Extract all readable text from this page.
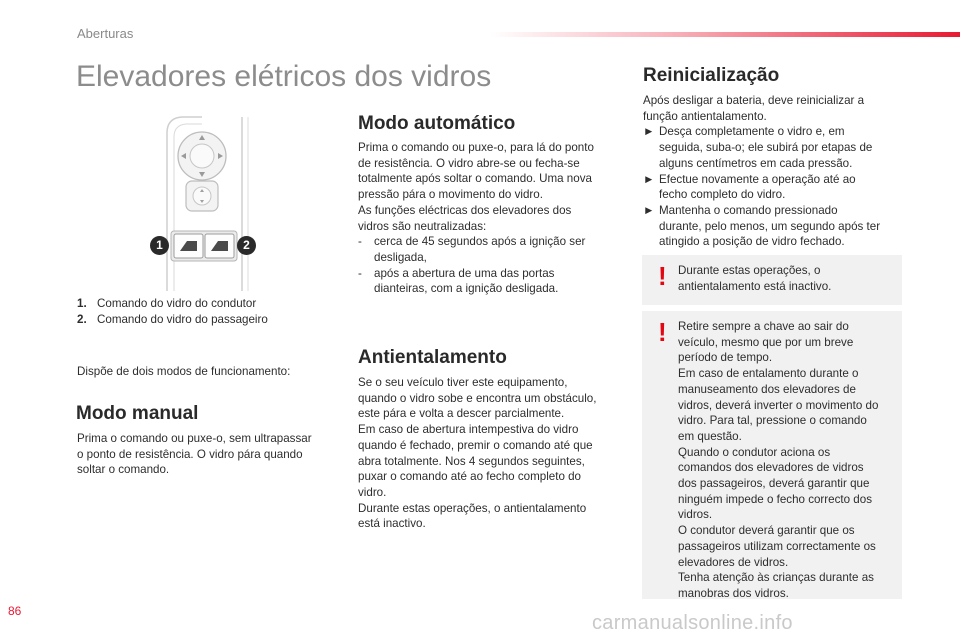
Aberturas
Elevadores elétricos dos vidros
1	2
1. Comando do vidro do condutor
2. Comando do vidro do passageiro
Dispõe de dois modos de funcionamento:
Modo manual
Prima o comando ou puxe-o, sem ultrapassar
o ponto de resistência. O vidro pára quando
soltar o comando.
Modo automático
Prima o comando ou puxe-o, para lá do ponto
de resistência. O vidro abre-se ou fecha-se
totalmente após soltar o comando. Uma nova
pressão pára o movimento do vidro.
As funções eléctricas dos elevadores dos
vidros são neutralizadas:
- cerca de 45 segundos após a ignição ser
desligada,
- após a abertura de uma das portas
dianteiras, com a ignição desligada.
Antientalamento
Se o seu veículo tiver este equipamento,
quando o vidro sobe e encontra um obstáculo,
este pára e volta a descer parcialmente.
Em caso de abertura intempestiva do vidro
quando é fechado, premir o comando até que
abra totalmente. Nos 4 segundos seguintes,
puxar o comando até ao fecho completo do
vidro.
Durante estas operações, o antientalamento
está inactivo.
Reinicialização
Após desligar a bateria, deve reinicializar a
função antientalamento.
► Desça completamente o vidro e, em
seguida, suba-o; ele subirá por etapas de
alguns centímetros em cada pressão.
► Efectue novamente a operação até ao
fecho completo do vidro.
► Mantenha o comando pressionado
durante, pelo menos, um segundo após ter
atingido a posição de vidro fechado.
! Durante estas operações, o
antientalamento está inactivo.
! Retire sempre a chave ao sair do
veículo, mesmo que por um breve
período de tempo.
Em caso de entalamento durante o
manuseamento dos elevadores de
vidros, deverá inverter o movimento do
vidro. Para tal, pressione o comando
em questão.
Quando o condutor aciona os
comandos dos elevadores de vidros
dos passageiros, deverá garantir que
ninguém impede o fecho correcto dos
vidros.
O condutor deverá garantir que os
passageiros utilizam correctamente os
elevadores de vidros.
Tenha atenção às crianças durante as
manobras dos vidros.
86
carmanualsonline.info
